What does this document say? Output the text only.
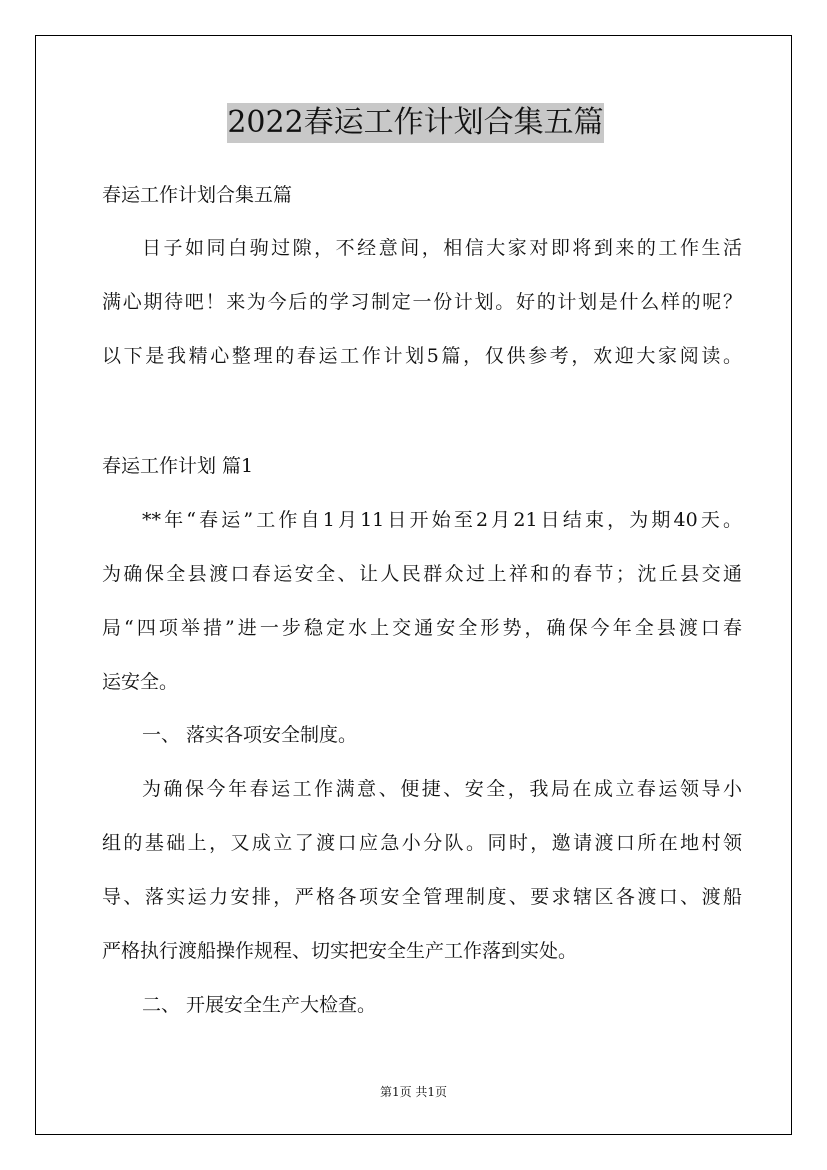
2022春运工作计划合集五篇
春运工作计划合集五篇
日子如同白驹过隙，不经意间，相信大家对即将到来的工作生活
满心期待吧！来为今后的学习制定一份计划。好的计划是什么样的呢？
以下是我精心整理的春运工作计划5篇，仅供参考，欢迎大家阅读。
春运工作计划 篇1
**年“春运”工作自1月11日开始至2月21日结束，为期40天。
为确保全县渡口春运安全、让人民群众过上祥和的春节；沈丘县交通
局“四项举措”进一步稳定水上交通安全形势，确保今年全县渡口春
运安全。
一、 落实各项安全制度。
为确保今年春运工作满意、便捷、安全，我局在成立春运领导小
组的基础上，又成立了渡口应急小分队。同时，邀请渡口所在地村领
导、落实运力安排，严格各项安全管理制度、要求辖区各渡口、渡船
严格执行渡船操作规程、切实把安全生产工作落到实处。
二、 开展安全生产大检查。
第1页 共1页
